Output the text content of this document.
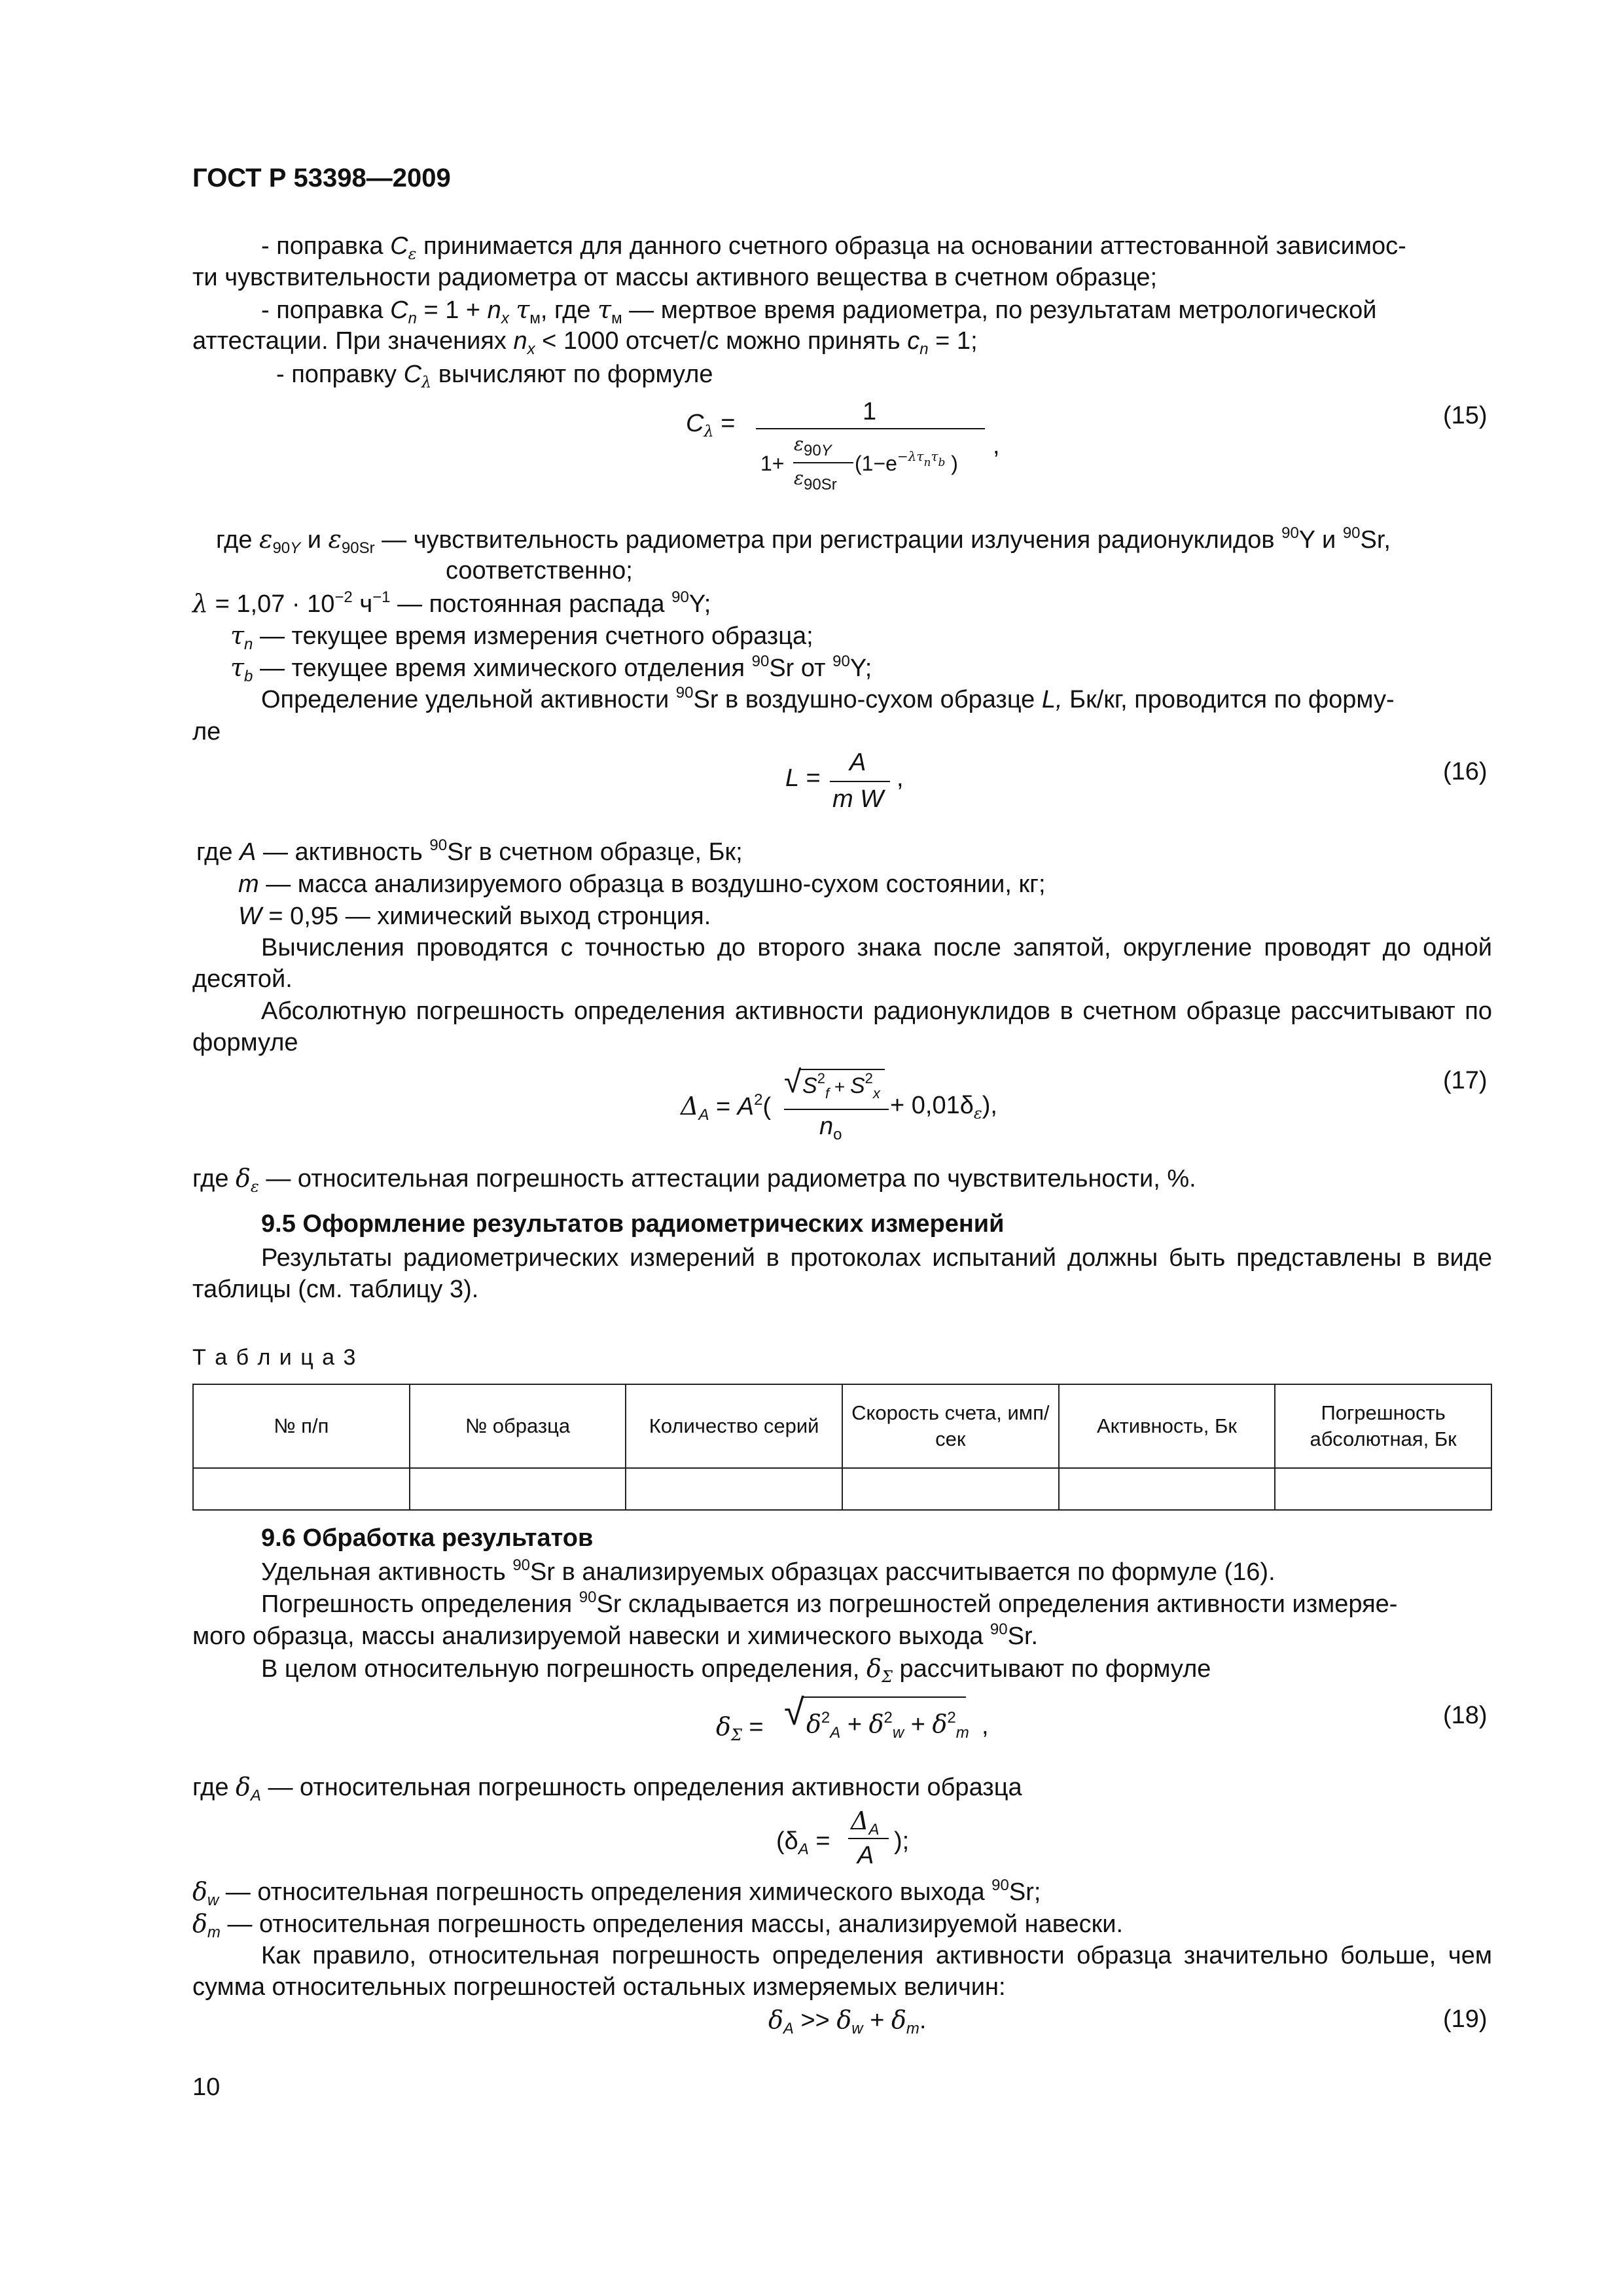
ГОСТ Р 53398—2009
- поправка $C_\varepsilon$ принимается для данного счетного образца на основании аттестованной зависимос-
ти чувствительности радиометра от массы активного вещества в счетном образце;
- поправка $C_n = 1 + n_x$ $\tau_м$, где $\tau_м$ — мертвое время радиометра, по результатам метрологической
аттестации. При значениях $n_x < 1000$ отсчет/с можно принять $c_n = 1$;
- поправку $C_\lambda$ вычисляют по формуле
$C_\lambda$ =	1
1+
$\varepsilon_{90Y}$
$\varepsilon_{90Sr}$
($1-e^{-\lambda\tau_n\tau_b}$ )
,
(15)
где $\varepsilon_{90Y}$ и $\varepsilon_{90Sr}$ — чувствительность радиометра при регистрации излучения радионуклидов $^{90}$Y и $^{90}$Sr,
соответственно;
$\lambda = 1,07 \cdot 10^{-2}$ $ч^{-1}$ — постоянная распада $^{90}$Y;
$\tau_n$ — текущее время измерения счетного образца;
$\tau_b$ — текущее время химического отделения $^{90}$Sr от $^{90}$Y;
Определение удельной активности $^{90}$Sr в воздушно-сухом образце L, Бк/кг, проводится по форму-
ле
L =
A
m W
,	(16)
где A — активность $^{90}$Sr в счетном образце, Бк;
m — масса анализируемого образца в воздушно-сухом состоянии, кг;
W = 0,95 — химический выход стронция.
Вычисления проводятся с точностью до второго знака после запятой, округление проводят до одной десятой.
Абсолютную погрешность определения активности радионуклидов в счетном образце рассчитывают по формуле
$\Delta_A = A^2$(
√ $S^2_f + S^2_x$
$n_o$
+ $0,01\delta_\varepsilon$),
(17)
где $\delta_\varepsilon$ — относительная погрешность аттестации радиометра по чувствительности, %.
9.5 Оформление результатов радиометрических измерений
Результаты радиометрических измерений в протоколах испытаний должны быть представлены в виде таблицы (см. таблицу 3).
Т а б л и ц а 3
№ п/п	№ образца	Количество серий	Скорость счета, имп/сек	Активность, Бк	Погрешность абсолютная, Бк

9.6 Обработка результатов
Удельная активность $^{90}$Sr в анализируемых образцах рассчитывается по формуле (16).
Погрешность определения $^{90}$Sr складывается из погрешностей определения активности измеряе-
мого образца, массы анализируемой навески и химического выхода $^{90}$Sr.
В целом относительную погрешность определения, $\delta_\Sigma$ рассчитывают по формуле
$\delta_\Sigma$ = √ $\delta^2_A + \delta^2_w + \delta^2_m$ ,	(18)
где $\delta_A$ — относительная погрешность определения активности образца
($\delta_A$ =
$\Delta_A$
A
);
$\delta_w$ — относительная погрешность определения химического выхода $^{90}$Sr;
$\delta_m$ — относительная погрешность определения массы, анализируемой навески.
Как правило, относительная погрешность определения активности образца значительно больше, чем сумма относительных погрешностей остальных измеряемых величин:
$\delta_A >> \delta_w + \delta_m$.	(19)
10
